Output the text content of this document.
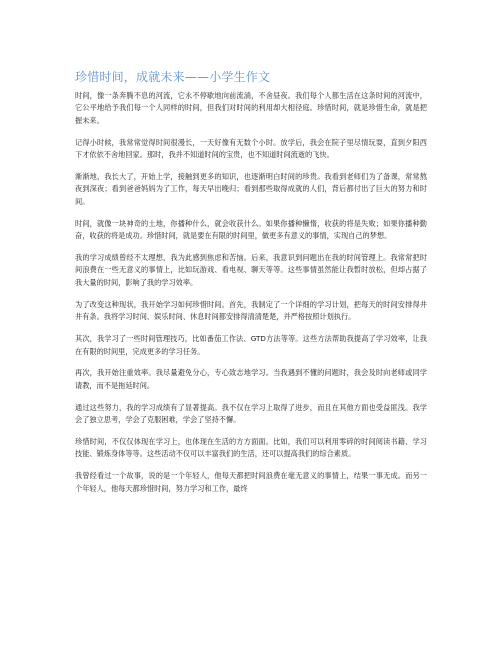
珍惜时间，成就未来——小学生作文

时间，像一条奔腾不息的河流，它永不停歇地向前流淌，不舍昼夜。我们每个人都生活在这条时间的河流中，它公平地给予我们每一个人同样的时间，但我们对时间的利用却大相径庭。珍惜时间，就是珍惜生命，就是把握未来。

记得小时候，我常常觉得时间很漫长，一天好像有无数个小时。放学后，我会在院子里尽情玩耍，直到夕阳西下才依依不舍地回家。那时，我并不知道时间的宝贵，也不知道时间流逝的飞快。

渐渐地，我长大了，开始上学，接触到更多的知识，也逐渐明白时间的珍贵。我看到老师们为了备课，常常熬夜到深夜；看到爸爸妈妈为了工作，每天早出晚归；看到那些取得成就的人们，背后都付出了巨大的努力和时间。

时间，就像一块神奇的土地，你播种什么，就会收获什么。如果你播种懒惰，收获的将是失败；如果你播种勤奋，收获的将是成功。珍惜时间，就是要在有限的时间里，做更多有意义的事情，实现自己的梦想。

我的学习成绩曾经不太理想，我为此感到焦虑和苦恼。后来，我意识到问题出在我的时间管理上。我常常把时间浪费在一些无意义的事情上，比如玩游戏、看电视、聊天等等。这些事情虽然能让我暂时放松，但却占据了我大量的时间，影响了我的学习效率。

为了改变这种现状，我开始学习如何珍惜时间。首先，我制定了一个详细的学习计划，把每天的时间安排得井井有条。我将学习时间、娱乐时间、休息时间都安排得清清楚楚，并严格按照计划执行。

其次，我学习了一些时间管理技巧，比如番茄工作法、GTD方法等等。这些方法帮助我提高了学习效率，让我在有限的时间里，完成更多的学习任务。

再次，我开始注重效率。我尽量避免分心，专心致志地学习。当我遇到不懂的问题时，我会及时向老师或同学请教，而不是拖延时间。

通过这些努力，我的学习成绩有了显著提高。我不仅在学习上取得了进步，而且在其他方面也受益匪浅。我学会了独立思考，学会了克服困难，学会了坚持不懈。

珍惜时间，不仅仅体现在学习上，也体现在生活的方方面面。比如，我们可以利用零碎的时间阅读书籍、学习技能、锻炼身体等等。这些活动不仅可以丰富我们的生活，还可以提高我们的综合素质。

我曾经看过一个故事，说的是一个年轻人，他每天都把时间浪费在毫无意义的事情上，结果一事无成。而另一个年轻人，他每天都珍惜时间，努力学习和工作，最终
